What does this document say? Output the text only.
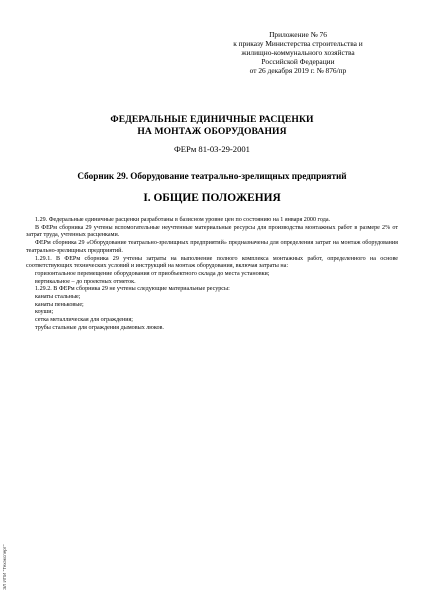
Приложение № 76
к приказу Министерства строительства и
жилищно-коммунального хозяйства
Российской Федерации
от 26 декабря 2019 г. № 876/пр
ФЕДЕРАЛЬНЫЕ ЕДИНИЧНЫЕ РАСЦЕНКИ
НА МОНТАЖ ОБОРУДОВАНИЯ
ФЕРм 81-03-29-2001
Сборник 29. Оборудование театрально-зрелищных предприятий
I. ОБЩИЕ ПОЛОЖЕНИЯ

1.29. Федеральные единичные расценки разработаны в базисном уровне цен по состоянию на 1 января 2000 года.

В ФЕРм сборника 29 учтены вспомогательные неучтенные материальные ресурсы для производства монтажных работ в размере 2% от затрат труда, учтенных расценками.

ФЕРм сборника 29 «Оборудование театрально-зрелищных предприятий» предназначены для определения затрат на монтаж оборудования театрально-зрелищных предприятий.

1.29.1. В ФЕРм сборника 29 учтены затраты на выполнение полного комплекса монтажных работ, определенного на основе соответствующих технических условий и инструкций на монтаж оборудования, включая затраты на:

горизонтальное перемещение оборудования от приобъектного склада до места установки;

вертикальное – до проектных отметок.

1.29.2. В ФЕРм сборника 29 не учтены следующие материальные ресурсы:

канаты стальные;

канаты пеньковые;

коуши;

сетка металлическая для ограждения;

трубы стальные для ограждения дымовых люков.

ЭЛ ИПИ "Техэксперт"
